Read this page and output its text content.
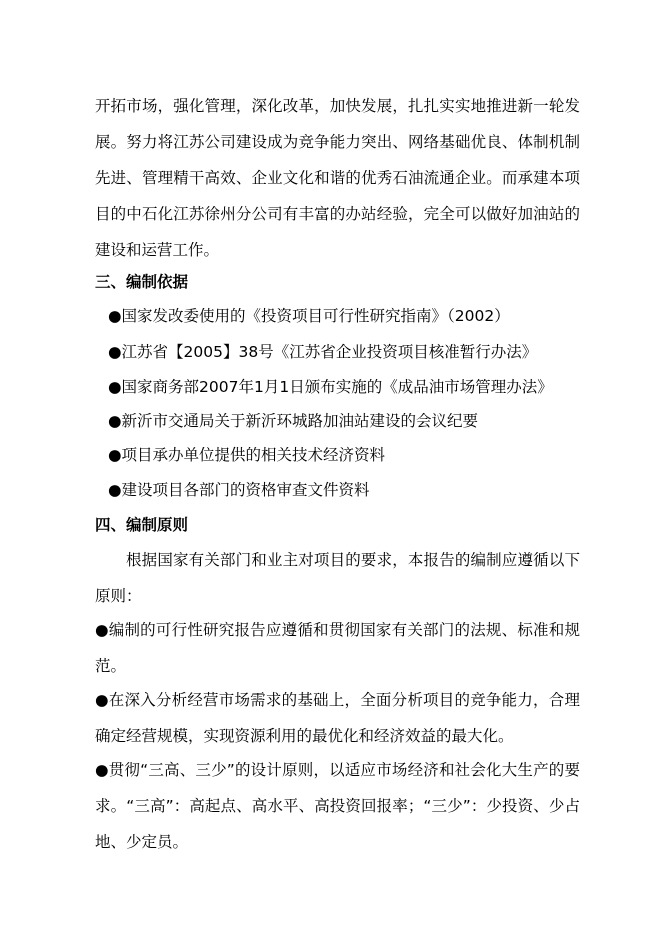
开拓市场，强化管理，深化改革，加快发展，扎扎实实地推进新一轮发展。努力将江苏公司建设成为竞争能力突出、网络基础优良、体制机制先进、管理精干高效、企业文化和谐的优秀石油流通企业。而承建本项目的中石化江苏徐州分公司有丰富的办站经验，完全可以做好加油站的建设和运营工作。
三、编制依据
●国家发改委使用的《投资项目可行性研究指南》（2002）
●江苏省【2005】38号《江苏省企业投资项目核准暂行办法》
●国家商务部2007年1月1日颁布实施的《成品油市场管理办法》
●新沂市交通局关于新沂环城路加油站建设的会议纪要
●项目承办单位提供的相关技术经济资料
●建设项目各部门的资格审查文件资料
四、编制原则
根据国家有关部门和业主对项目的要求，本报告的编制应遵循以下原则：
●编制的可行性研究报告应遵循和贯彻国家有关部门的法规、标准和规范。
●在深入分析经营市场需求的基础上，全面分析项目的竞争能力，合理确定经营规模，实现资源利用的最优化和经济效益的最大化。
●贯彻“三高、三少”的设计原则，以适应市场经济和社会化大生产的要求。“三高”：高起点、高水平、高投资回报率；“三少”：少投资、少占地、少定员。
